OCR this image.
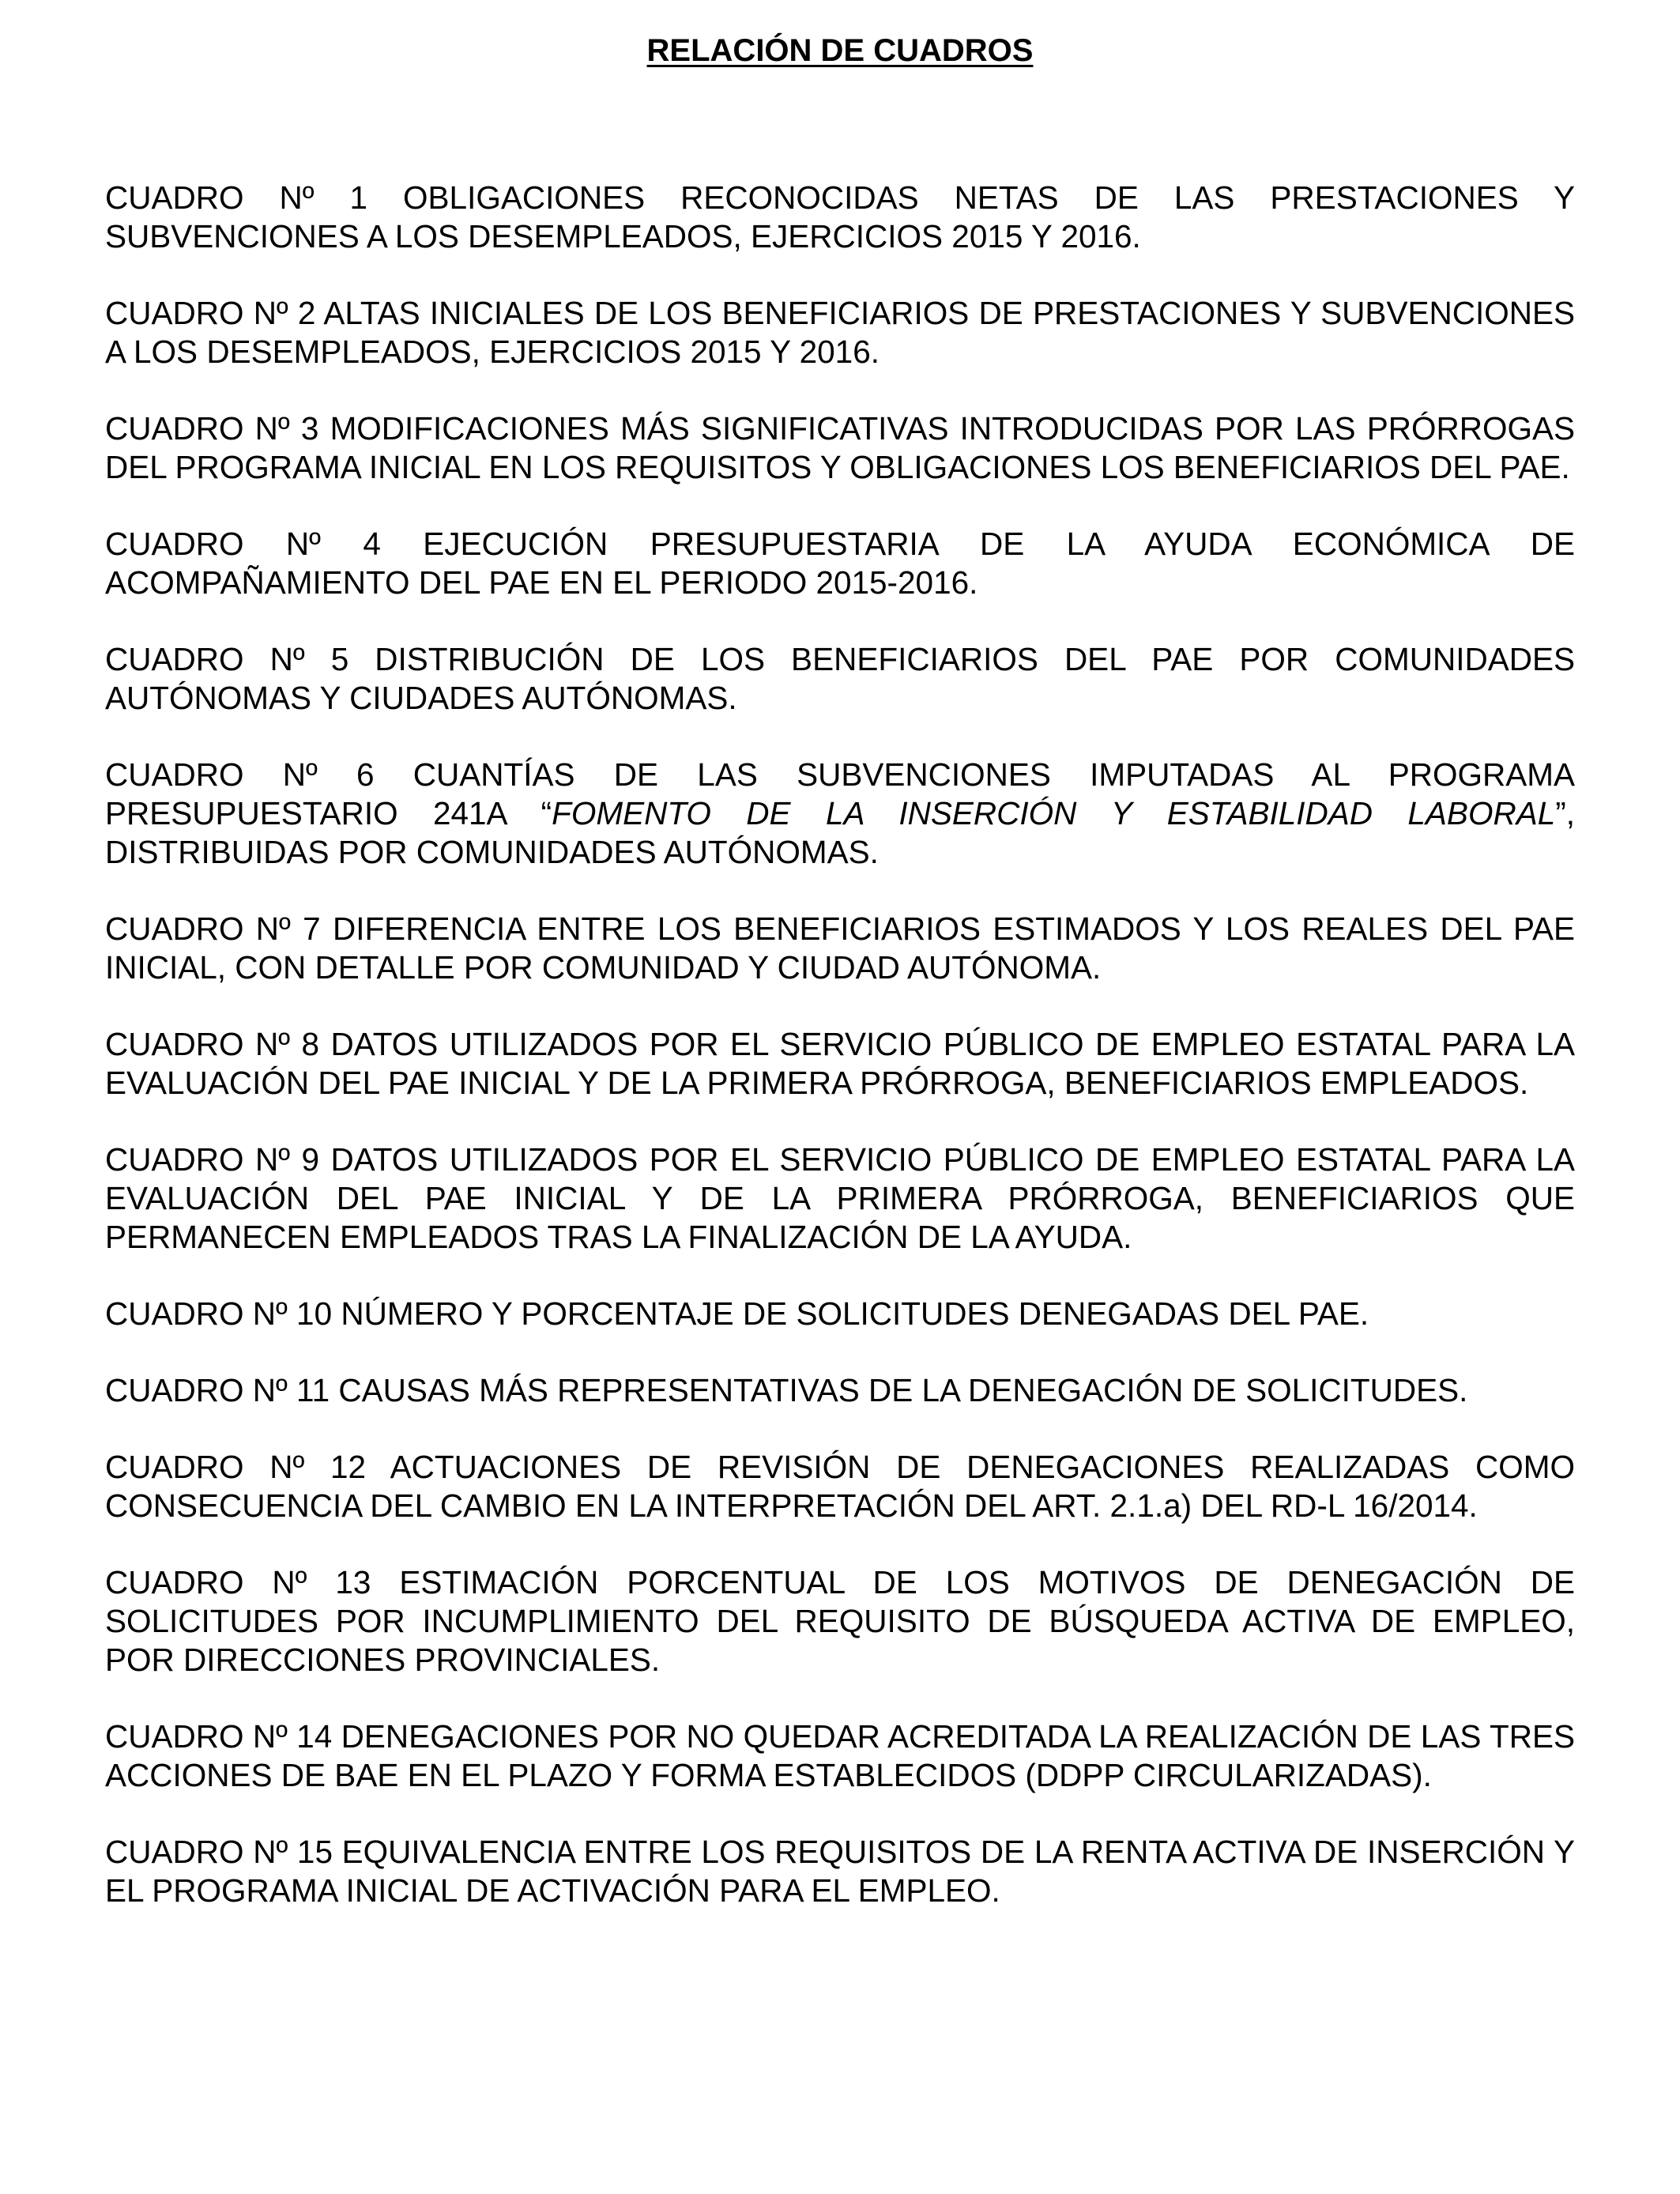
RELACIÓN DE CUADROS
CUADRO Nº 1 OBLIGACIONES RECONOCIDAS NETAS DE LAS PRESTACIONES Y SUBVENCIONES A LOS DESEMPLEADOS, EJERCICIOS 2015 Y 2016.
CUADRO Nº 2 ALTAS INICIALES DE LOS BENEFICIARIOS DE PRESTACIONES Y SUBVENCIONES A LOS DESEMPLEADOS, EJERCICIOS 2015 Y 2016.
CUADRO Nº 3 MODIFICACIONES MÁS SIGNIFICATIVAS INTRODUCIDAS POR LAS PRÓRROGAS DEL PROGRAMA INICIAL EN LOS REQUISITOS Y OBLIGACIONES LOS BENEFICIARIOS DEL PAE.
CUADRO Nº 4 EJECUCIÓN PRESUPUESTARIA DE LA AYUDA ECONÓMICA DE ACOMPAÑAMIENTO DEL PAE EN EL PERIODO 2015-2016.
CUADRO Nº 5 DISTRIBUCIÓN DE LOS BENEFICIARIOS DEL PAE POR COMUNIDADES AUTÓNOMAS Y CIUDADES AUTÓNOMAS.
CUADRO Nº 6 CUANTÍAS DE LAS SUBVENCIONES IMPUTADAS AL PROGRAMA PRESUPUESTARIO 241A “FOMENTO DE LA INSERCIÓN Y ESTABILIDAD LABORAL”, DISTRIBUIDAS POR COMUNIDADES AUTÓNOMAS.
CUADRO Nº 7 DIFERENCIA ENTRE LOS BENEFICIARIOS ESTIMADOS Y LOS REALES DEL PAE INICIAL, CON DETALLE POR COMUNIDAD Y CIUDAD AUTÓNOMA.
CUADRO Nº 8 DATOS UTILIZADOS POR EL SERVICIO PÚBLICO DE EMPLEO ESTATAL PARA LA EVALUACIÓN DEL PAE INICIAL Y DE LA PRIMERA PRÓRROGA, BENEFICIARIOS EMPLEADOS.
CUADRO Nº 9 DATOS UTILIZADOS POR EL SERVICIO PÚBLICO DE EMPLEO ESTATAL PARA LA EVALUACIÓN DEL PAE INICIAL Y DE LA PRIMERA PRÓRROGA, BENEFICIARIOS QUE PERMANECEN EMPLEADOS TRAS LA FINALIZACIÓN DE LA AYUDA.
CUADRO Nº 10 NÚMERO Y PORCENTAJE DE SOLICITUDES DENEGADAS DEL PAE.
CUADRO Nº 11 CAUSAS MÁS REPRESENTATIVAS DE LA DENEGACIÓN DE SOLICITUDES.
CUADRO Nº 12 ACTUACIONES DE REVISIÓN DE DENEGACIONES REALIZADAS COMO CONSECUENCIA DEL CAMBIO EN LA INTERPRETACIÓN DEL ART. 2.1.a) DEL RD-L 16/2014.
CUADRO Nº 13 ESTIMACIÓN PORCENTUAL DE LOS MOTIVOS DE DENEGACIÓN DE SOLICITUDES POR INCUMPLIMIENTO DEL REQUISITO DE BÚSQUEDA ACTIVA DE EMPLEO, POR DIRECCIONES PROVINCIALES.
CUADRO Nº 14 DENEGACIONES POR NO QUEDAR ACREDITADA LA REALIZACIÓN DE LAS TRES ACCIONES DE BAE EN EL PLAZO Y FORMA ESTABLECIDOS (DDPP CIRCULARIZADAS).
CUADRO Nº 15 EQUIVALENCIA ENTRE LOS REQUISITOS DE LA RENTA ACTIVA DE INSERCIÓN Y EL PROGRAMA INICIAL DE ACTIVACIÓN PARA EL EMPLEO.
